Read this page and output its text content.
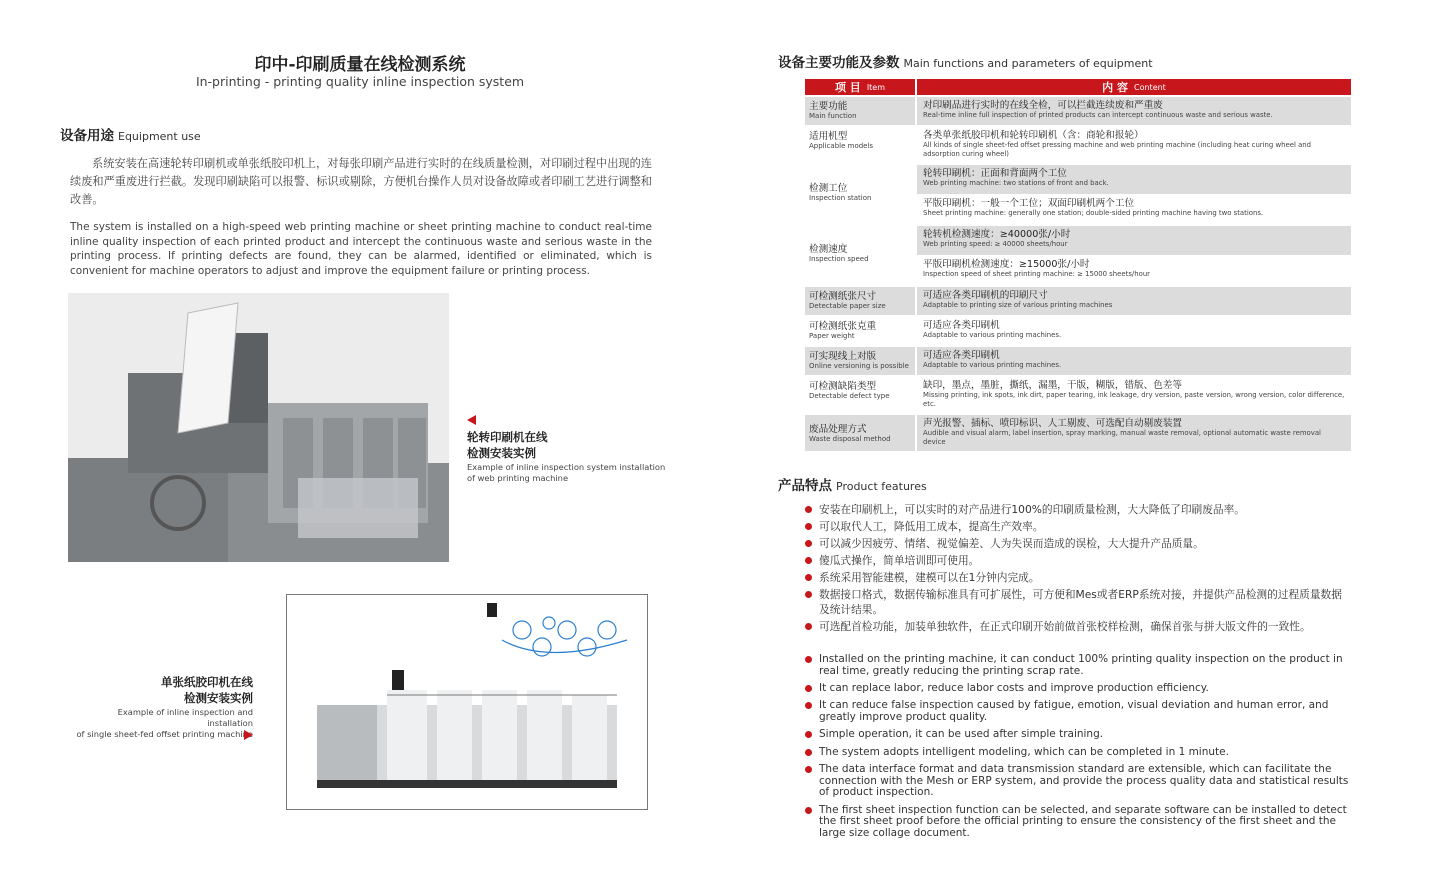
印中-印刷质量在线检测系统
In-printing - printing quality inline inspection system
设备用途 Equipment use
系统安装在高速轮转印刷机或单张纸胶印机上，对每张印刷产品进行实时的在线质量检测，对印刷过程中出现的连续废和严重废进行拦截。发现印刷缺陷可以报警、标识或剔除，方便机台操作人员对设备故障或者印刷工艺进行调整和改善。
The system is installed on a high-speed web printing machine or sheet printing machine to conduct real-time inline quality inspection of each printed product and intercept the continuous waste and serious waste in the printing process. If printing defects are found, they can be alarmed, identified or eliminated, which is convenient for machine operators to adjust and improve the equipment failure or printing process.
轮转印刷机在线
检测安装实例
Example of inline inspection system installation
of web printing machine
单张纸胶印机在线
检测安装实例
Example of inline inspection and installation
of single sheet-fed offset printing machine
设备主要功能及参数 Main functions and parameters of equipment
项 目 Item	内 容 Content
主要功能
Main function
对印刷品进行实时的在线全检，可以拦截连续废和严重废
Real-time inline full inspection of printed products can intercept continuous waste and serious waste.
适用机型
Applicable models
各类单张纸胶印机和轮转印刷机（含：商轮和报轮）
All kinds of single sheet-fed offset pressing machine and web printing machine (including heat curing wheel and adsorption curing wheel)
检测工位
Inspection station
轮转印刷机：正面和背面两个工位
Web printing machine: two stations of front and back.
平版印刷机：一般一个工位；双面印刷机两个工位
Sheet printing machine: generally one station; double-sided printing machine having two stations.
检测速度
Inspection speed
轮转机检测速度：≥40000张/小时
Web printing speed: ≥ 40000 sheets/hour
平版印刷机检测速度：≥15000张/小时
Inspection speed of sheet printing machine: ≥ 15000 sheets/hour
可检测纸张尺寸
Detectable paper size
可适应各类印刷机的印刷尺寸
Adaptable to printing size of various printing machines
可检测纸张克重
Paper weight
可适应各类印刷机
Adaptable to various printing machines.
可实现线上对版
Online versioning is possible
可适应各类印刷机
Adaptable to various printing machines.
可检测缺陷类型
Detectable defect type
缺印，墨点，墨脏，撕纸，漏墨，干版，糊版，错版、色差等
Missing printing, ink spots, ink dirt, paper tearing, ink leakage, dry version, paste version, wrong version, color difference, etc.
废品处理方式
Waste disposal method
声光报警、插标、喷印标识、人工剔废、可选配自动剔废装置
Audible and visual alarm, label insertion, spray marking, manual waste removal, optional automatic waste removal device
产品特点 Product features
安装在印刷机上，可以实时的对产品进行100%的印刷质量检测，大大降低了印刷废品率。
可以取代人工，降低用工成本，提高生产效率。
可以减少因疲劳、情绪、视觉偏差、人为失误而造成的误检，大大提升产品质量。
傻瓜式操作，简单培训即可使用。
系统采用智能建模，建模可以在1分钟内完成。
数据接口格式，数据传输标准具有可扩展性，可方便和Mes或者ERP系统对接，并提供产品检测的过程质量数据及统计结果。
可选配首检功能，加装单独软件，在正式印刷开始前做首张校样检测，确保首张与拼大版文件的一致性。
Installed on the printing machine, it can conduct 100% printing quality inspection on the product in real time, greatly reducing the printing scrap rate.
It can replace labor, reduce labor costs and improve production efficiency.
It can reduce false inspection caused by fatigue, emotion, visual deviation and human error, and greatly improve product quality.
Simple operation, it can be used after simple training.
The system adopts intelligent modeling, which can be completed in 1 minute.
The data interface format and data transmission standard are extensible, which can facilitate the connection with the Mesh or ERP system, and provide the process quality data and statistical results of product inspection.
The first sheet inspection function can be selected, and separate software can be installed to detect the first sheet proof before the official printing to ensure the consistency of the first sheet and the large size collage document.
